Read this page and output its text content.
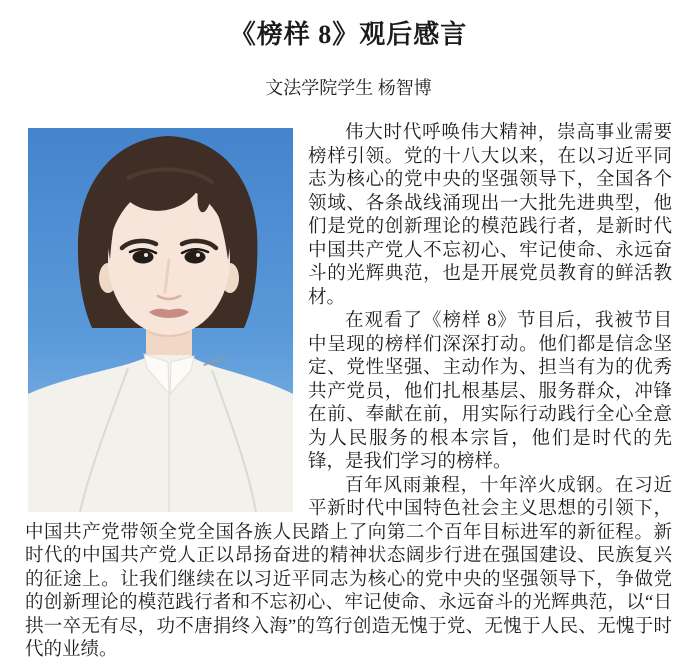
《榜样 8》观后感言
文法学院学生 杨智博

伟大时代呼唤伟大精神，崇高事业需要榜样引领。党的十八大以来，在以习近平同志为核心的党中央的坚强领导下，全国各个领域、各条战线涌现出一大批先进典型，他们是党的创新理论的模范践行者，是新时代中国共产党人不忘初心、牢记使命、永远奋斗的光辉典范，也是开展党员教育的鲜活教材。

在观看了《榜样 8》节目后，我被节目中呈现的榜样们深深打动。他们都是信念坚定、党性坚强、主动作为、担当有为的优秀共产党员，他们扎根基层、服务群众，冲锋在前、奉献在前，用实际行动践行全心全意为人民服务的根本宗旨，他们是时代的先锋，是我们学习的榜样。

百年风雨兼程，十年淬火成钢。在习近平新时代中国特色社会主义思想的引领下，中国共产党带领全党全国各族人民踏上了向第二个百年目标进军的新征程。新时代的中国共产党人正以昂扬奋进的精神状态阔步行进在强国建设、民族复兴的征途上。让我们继续在以习近平同志为核心的党中央的坚强领导下，争做党的创新理论的模范践行者和不忘初心、牢记使命、永远奋斗的光辉典范，以“日拱一卒无有尽，功不唐捐终入海”的笃行创造无愧于党、无愧于人民、无愧于时代的业绩。
